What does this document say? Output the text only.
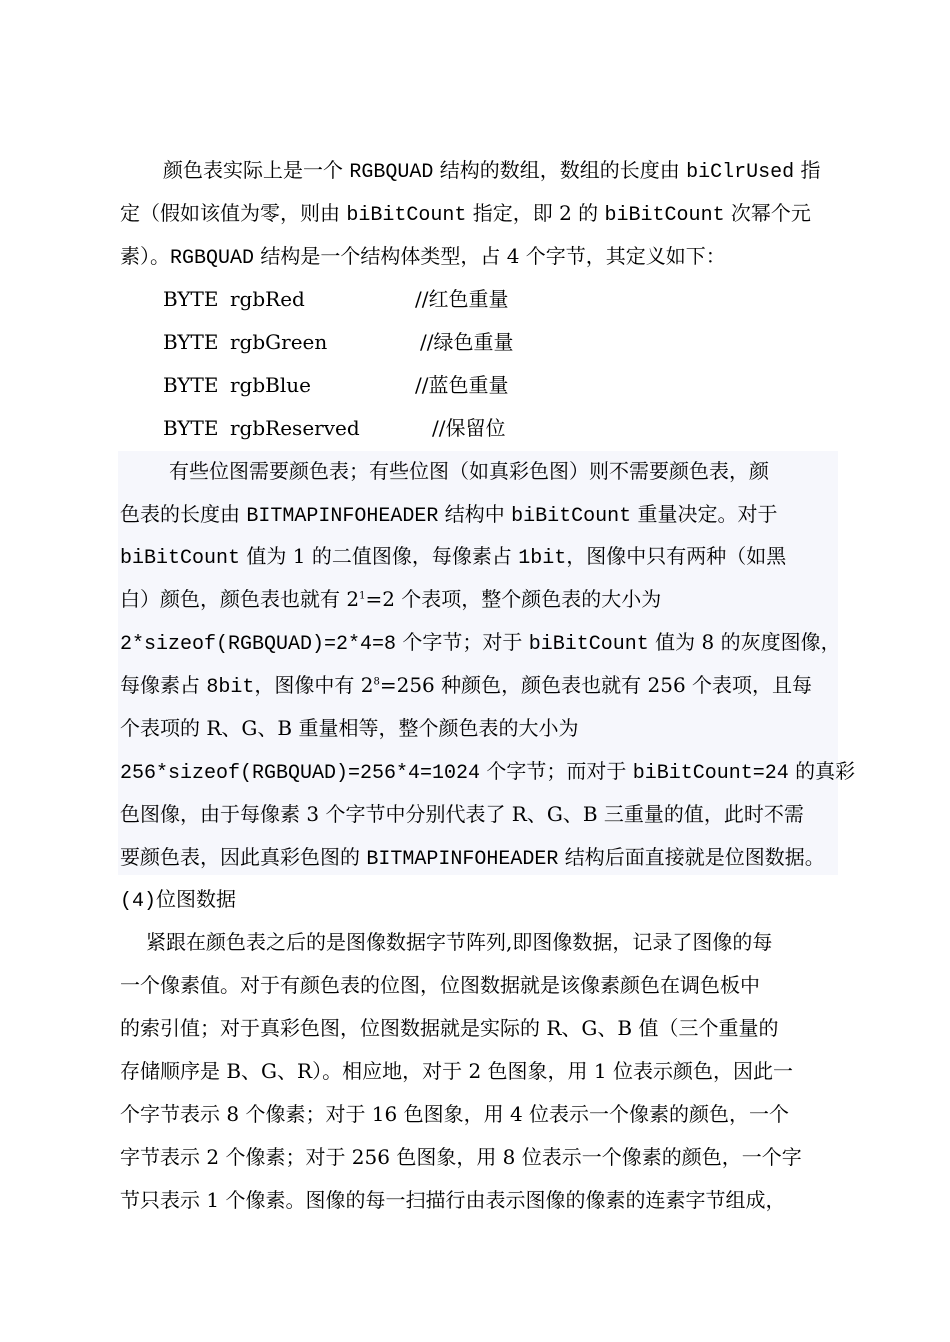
颜色表实际上是一个 RGBQUAD 结构的数组，数组的长度由 biClrUsed 指
定（假如该值为零，则由 biBitCount 指定，即 2 的 biBitCount 次幂个元
素）。RGBQUAD 结构是一个结构体类型，占 4 个字节，其定义如下：
BYTE rgbRed	//红色重量
BYTE rgbGreen	//绿色重量
BYTE rgbBlue	//蓝色重量
BYTE rgbReserved	//保留位
有些位图需要颜色表；有些位图（如真彩色图）则不需要颜色表，颜
色表的长度由 BITMAPINFOHEADER 结构中 biBitCount 重量决定。对于
biBitCount 值为 1 的二值图像，每像素占 1bit，图像中只有两种（如黑
白）颜色，颜色表也就有 $2^1=2$ 个表项，整个颜色表的大小为
2*sizeof(RGBQUAD)=2*4=8 个字节；对于 biBitCount 值为 8 的灰度图像，
每像素占 8bit，图像中有 $2^8=256$ 种颜色，颜色表也就有 256 个表项，且每
个表项的 R、G、B 重量相等，整个颜色表的大小为
256*sizeof(RGBQUAD)=256*4=1024 个字节；而对于 biBitCount=24 的真彩
色图像，由于每像素 3 个字节中分别代表了 R、G、B 三重量的值，此时不需
要颜色表，因此真彩色图的 BITMAPINFOHEADER 结构后面直接就是位图数据。
(4)位图数据
紧跟在颜色表之后的是图像数据字节阵列,即图像数据，记录了图像的每
一个像素值。对于有颜色表的位图，位图数据就是该像素颜色在调色板中
的索引值；对于真彩色图，位图数据就是实际的 R、G、B 值（三个重量的
存储顺序是 B、G、R）。相应地，对于 2 色图象，用 1 位表示颜色，因此一
个字节表示 8 个像素；对于 16 色图象，用 4 位表示一个像素的颜色，一个
字节表示 2 个像素；对于 256 色图象，用 8 位表示一个像素的颜色，一个字
节只表示 1 个像素。图像的每一扫描行由表示图像的像素的连素字节组成，
